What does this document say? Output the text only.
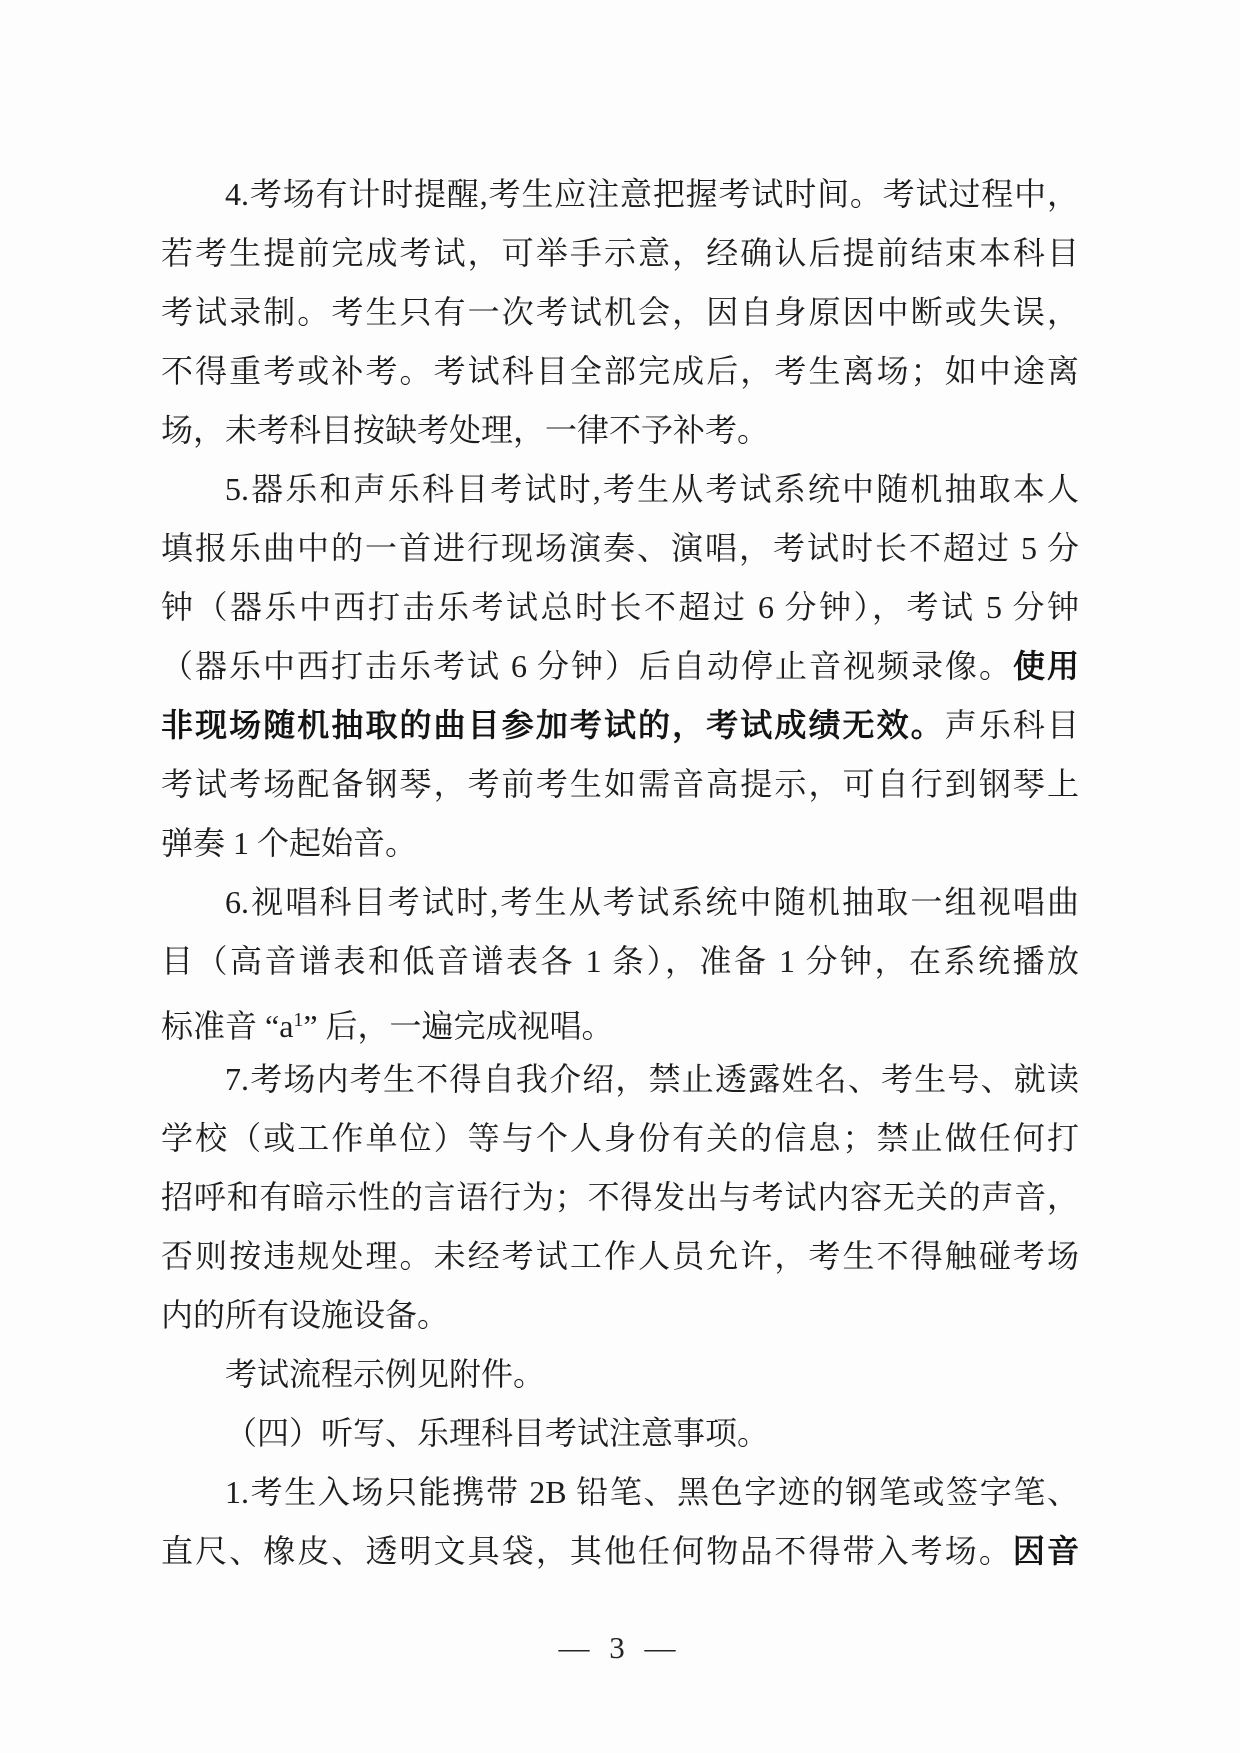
4.考场有计时提醒,考生应注意把握考试时间。考试过程中，
若考生提前完成考试，可举手示意，经确认后提前结束本科目
考试录制。考生只有一次考试机会，因自身原因中断或失误，
不得重考或补考。考试科目全部完成后，考生离场；如中途离
场，未考科目按缺考处理，一律不予补考。
5.器乐和声乐科目考试时,考生从考试系统中随机抽取本人
填报乐曲中的一首进行现场演奏、演唱，考试时长不超过 5 分
钟（器乐中西打击乐考试总时长不超过 6 分钟），考试 5 分钟
（器乐中西打击乐考试 6 分钟）后自动停止音视频录像。使用
非现场随机抽取的曲目参加考试的，考试成绩无效。声乐科目
考试考场配备钢琴，考前考生如需音高提示，可自行到钢琴上
弹奏 1 个起始音。
6.视唱科目考试时,考生从考试系统中随机抽取一组视唱曲
目（高音谱表和低音谱表各 1 条），准备 1 分钟，在系统播放
标准音 “$a^1$” 后，一遍完成视唱。
7.考场内考生不得自我介绍，禁止透露姓名、考生号、就读
学校（或工作单位）等与个人身份有关的信息；禁止做任何打
招呼和有暗示性的言语行为；不得发出与考试内容无关的声音，
否则按违规处理。未经考试工作人员允许，考生不得触碰考场
内的所有设施设备。
考试流程示例见附件。
（四）听写、乐理科目考试注意事项。
1.考生入场只能携带 2B 铅笔、黑色字迹的钢笔或签字笔、
直尺、橡皮、透明文具袋，其他任何物品不得带入考场。因音
— 3 —
